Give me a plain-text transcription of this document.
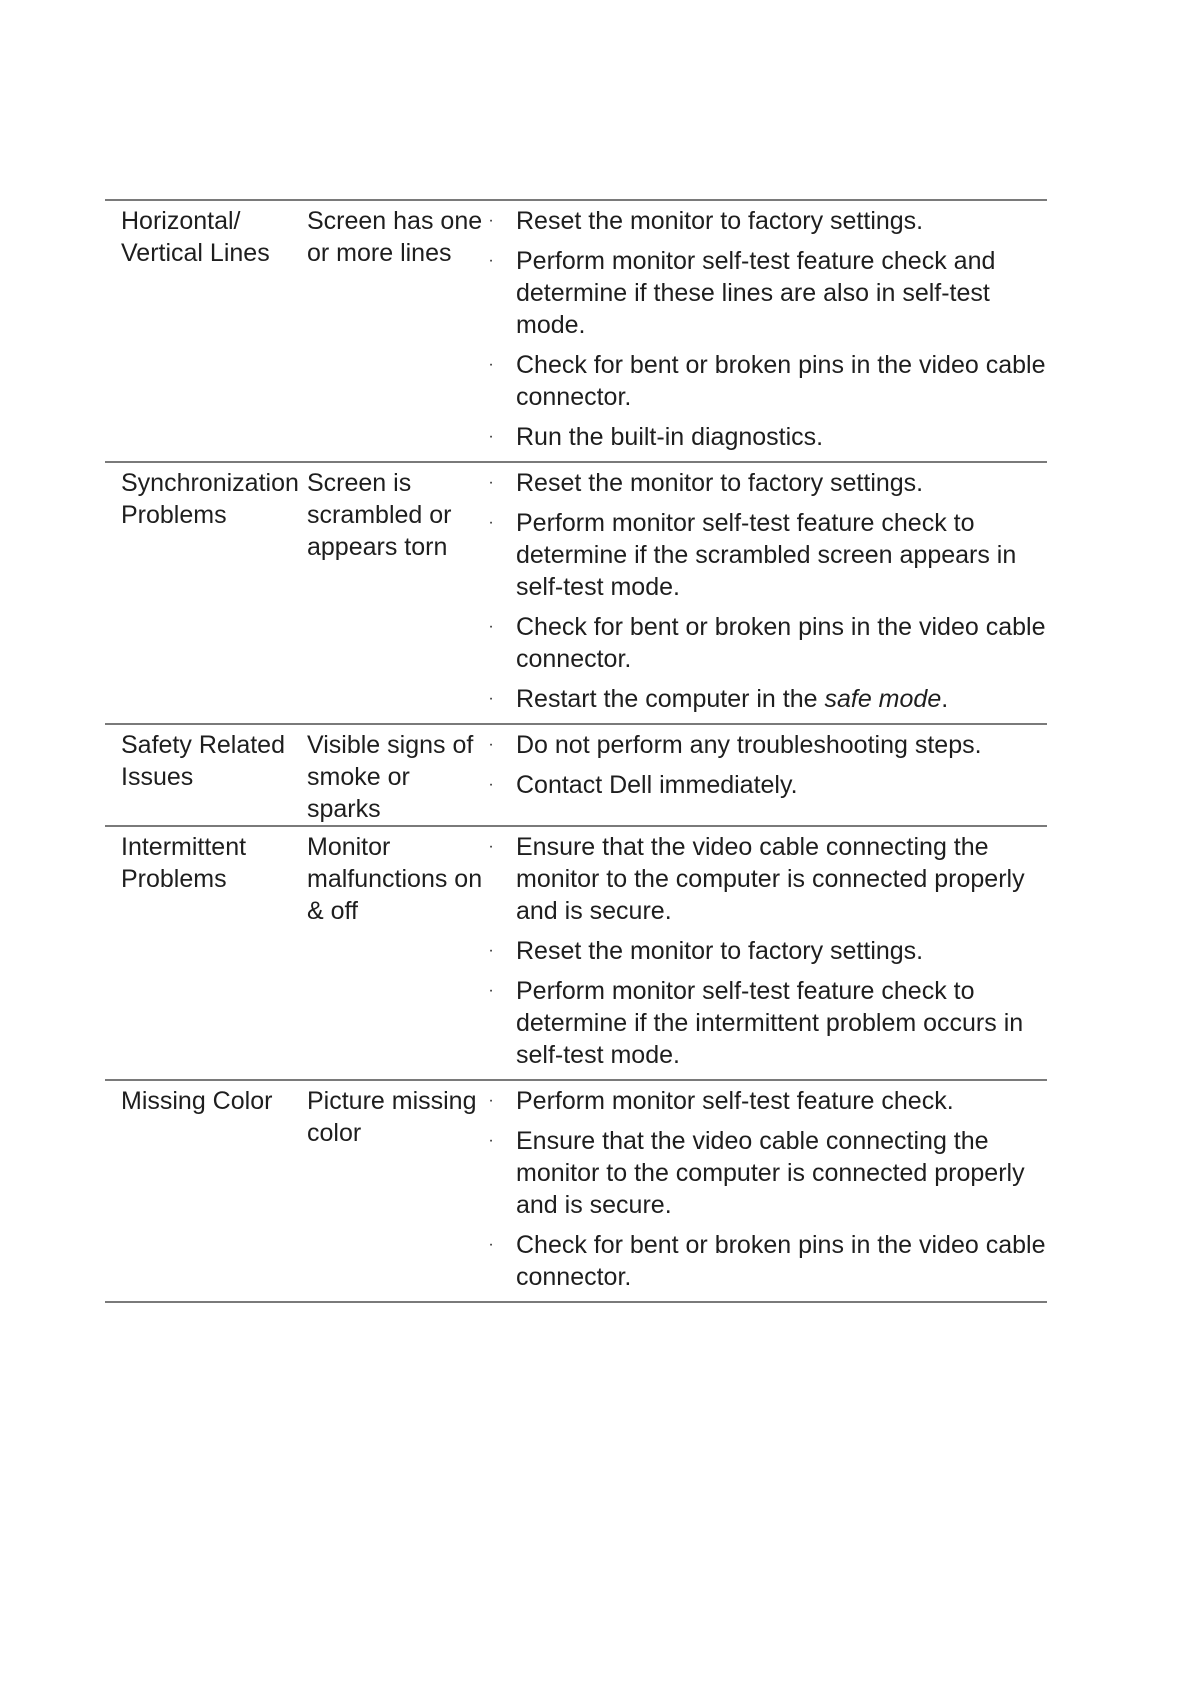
Horizontal/ Vertical Lines
Screen has one or more lines
· Reset the monitor to factory settings.
· Perform monitor self-test feature check and determine if these lines are also in self-test mode.
· Check for bent or broken pins in the video cable connector.
· Run the built-in diagnostics.
Synchronization Problems
Screen is scrambled or appears torn
· Reset the monitor to factory settings.
· Perform monitor self-test feature check to determine if the scrambled screen appears in self-test mode.
· Check for bent or broken pins in the video cable connector.
· Restart the computer in the safe mode.
Safety Related Issues
Visible signs of smoke or sparks
· Do not perform any troubleshooting steps.
· Contact Dell immediately.
Intermittent Problems
Monitor malfunctions on & off
· Ensure that the video cable connecting the monitor to the computer is connected properly and is secure.
· Reset the monitor to factory settings.
· Perform monitor self-test feature check to determine if the intermittent problem occurs in self-test mode.
Missing Color	Picture missing color
· Perform monitor self-test feature check.
· Ensure that the video cable connecting the monitor to the computer is connected properly and is secure.
· Check for bent or broken pins in the video cable connector.
